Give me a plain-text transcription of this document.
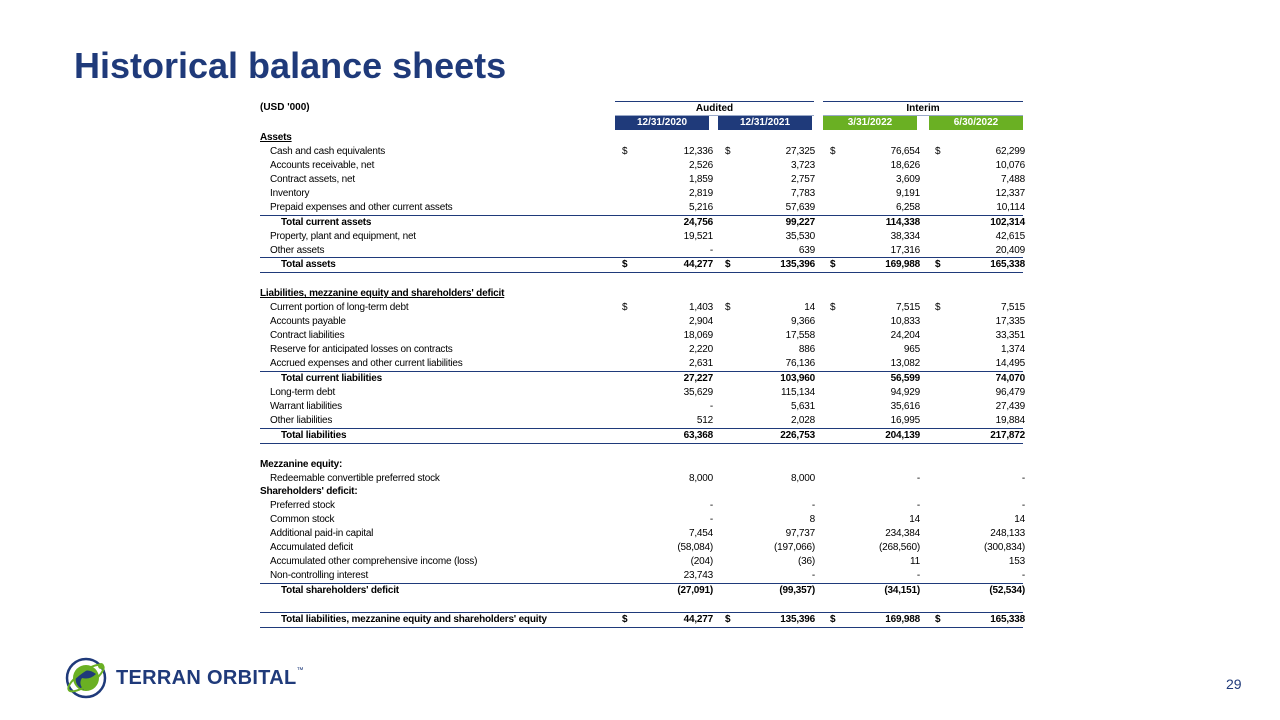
Historical balance sheets
(USD '000)	Audited	Interim
12/31/2020	12/31/2021	3/31/2022	6/30/2022
Assets
Cash and cash equivalents	$	12,336 $	27,325 $	76,654 $	62,299
Accounts receivable, net	2,526	3,723	18,626	10,076
Contract assets, net	1,859	2,757	3,609	7,488
Inventory	2,819	7,783	9,191	12,337
Prepaid expenses and other current assets	5,216	57,639	6,258	10,114
Total current assets	24,756	99,227	114,338	102,314
Property, plant and equipment, net	19,521	35,530	38,334	42,615
Other assets	-	639	17,316	20,409
Total assets	$	44,277 $	135,396 $	169,988 $	165,338
Liabilities, mezzanine equity and shareholders' deficit
Current portion of long-term debt	$	1,403 $	14 $	7,515 $	7,515
Accounts payable	2,904	9,366	10,833	17,335
Contract liabilities	18,069	17,558	24,204	33,351
Reserve for anticipated losses on contracts	2,220	886	965	1,374
Accrued expenses and other current liabilities	2,631	76,136	13,082	14,495
Total current liabilities	27,227	103,960	56,599	74,070
Long-term debt	35,629	115,134	94,929	96,479
Warrant liabilities	-	5,631	35,616	27,439
Other liabilities	512	2,028	16,995	19,884
Total liabilities	63,368	226,753	204,139	217,872
Mezzanine equity:
Redeemable convertible preferred stock	8,000	8,000	-	-
Shareholders' deficit:
Preferred stock	-	-	-	-
Common stock	-	8	14	14
Additional paid-in capital	7,454	97,737	234,384	248,133
Accumulated deficit	(58,084)	(197,066)	(268,560)	(300,834)
Accumulated other comprehensive income (loss)	(204)	(36)	11	153
Non-controlling interest	23,743	-	-	-
Total shareholders' deficit	(27,091)	(99,357)	(34,151)	(52,534)
Total liabilities, mezzanine equity and shareholders' equity	$	44,277 $	135,396 $	169,988 $	165,338
TERRAN ORBITAL™
29
